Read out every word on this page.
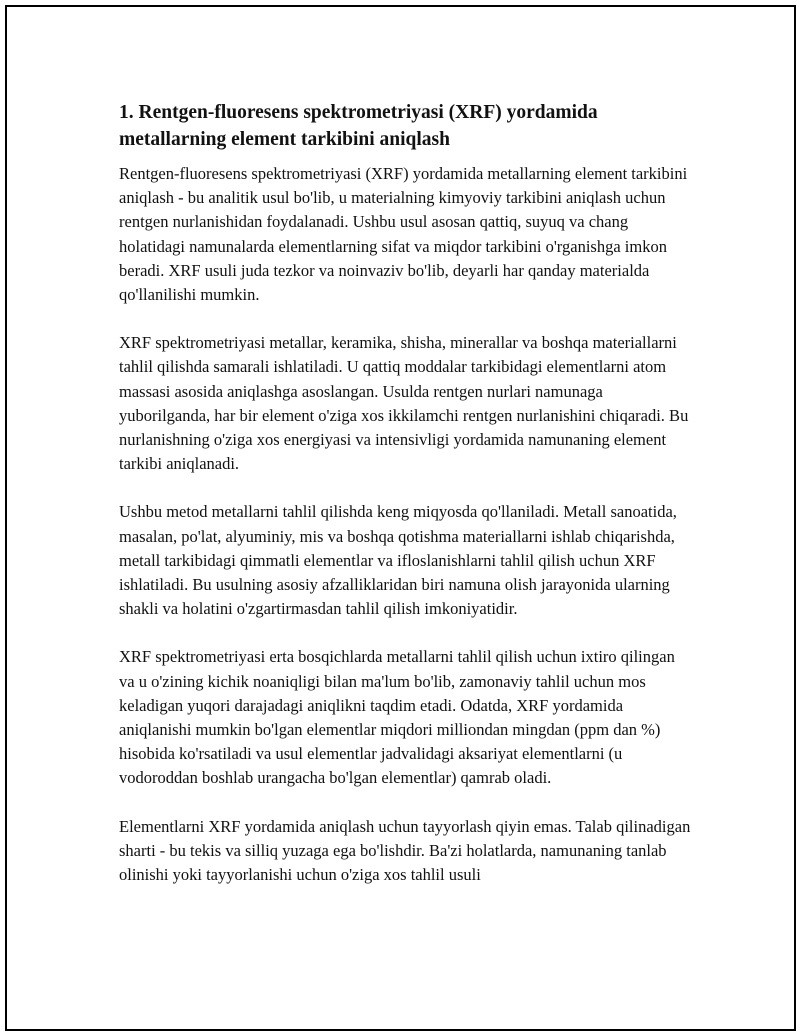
1. Rentgen-fluoresens spektrometriyasi (XRF) yordamida metallarning element tarkibini aniqlash

Rentgen-fluoresens spektrometriyasi (XRF) yordamida metallarning element tarkibini aniqlash - bu analitik usul bo'lib, u materialning kimyoviy tarkibini aniqlash uchun rentgen nurlanishidan foydalanadi. Ushbu usul asosan qattiq, suyuq va chang holatidagi namunalarda elementlarning sifat va miqdor tarkibini o'rganishga imkon beradi. XRF usuli juda tezkor va noinvaziv bo'lib, deyarli har qanday materialda qo'llanilishi mumkin.

XRF spektrometriyasi metallar, keramika, shisha, minerallar va boshqa materiallarni tahlil qilishda samarali ishlatiladi. U qattiq moddalar tarkibidagi elementlarni atom massasi asosida aniqlashga asoslangan. Usulda rentgen nurlari namunaga yuborilganda, har bir element o'ziga xos ikkilamchi rentgen nurlanishini chiqaradi. Bu nurlanishning o'ziga xos energiyasi va intensivligi yordamida namunaning element tarkibi aniqlanadi.

Ushbu metod metallarni tahlil qilishda keng miqyosda qo'llaniladi. Metall sanoatida, masalan, po'lat, alyuminiy, mis va boshqa qotishma materiallarni ishlab chiqarishda, metall tarkibidagi qimmatli elementlar va ifloslanishlarni tahlil qilish uchun XRF ishlatiladi. Bu usulning asosiy afzalliklaridan biri namuna olish jarayonida ularning shakli va holatini o'zgartirmasdan tahlil qilish imkoniyatidir.

XRF spektrometriyasi erta bosqichlarda metallarni tahlil qilish uchun ixtiro qilingan va u o'zining kichik noaniqligi bilan ma'lum bo'lib, zamonaviy tahlil uchun mos keladigan yuqori darajadagi aniqlikni taqdim etadi. Odatda, XRF yordamida aniqlanishi mumkin bo'lgan elementlar miqdori milliondan mingdan (ppm dan %) hisobida ko'rsatiladi va usul elementlar jadvalidagi aksariyat elementlarni (u vodoroddan boshlab urangacha bo'lgan elementlar) qamrab oladi.

Elementlarni XRF yordamida aniqlash uchun tayyorlash qiyin emas. Talab qilinadigan sharti - bu tekis va silliq yuzaga ega bo'lishdir. Ba'zi holatlarda, namunaning tanlab olinishi yoki tayyorlanishi uchun o'ziga xos tahlil usuli
